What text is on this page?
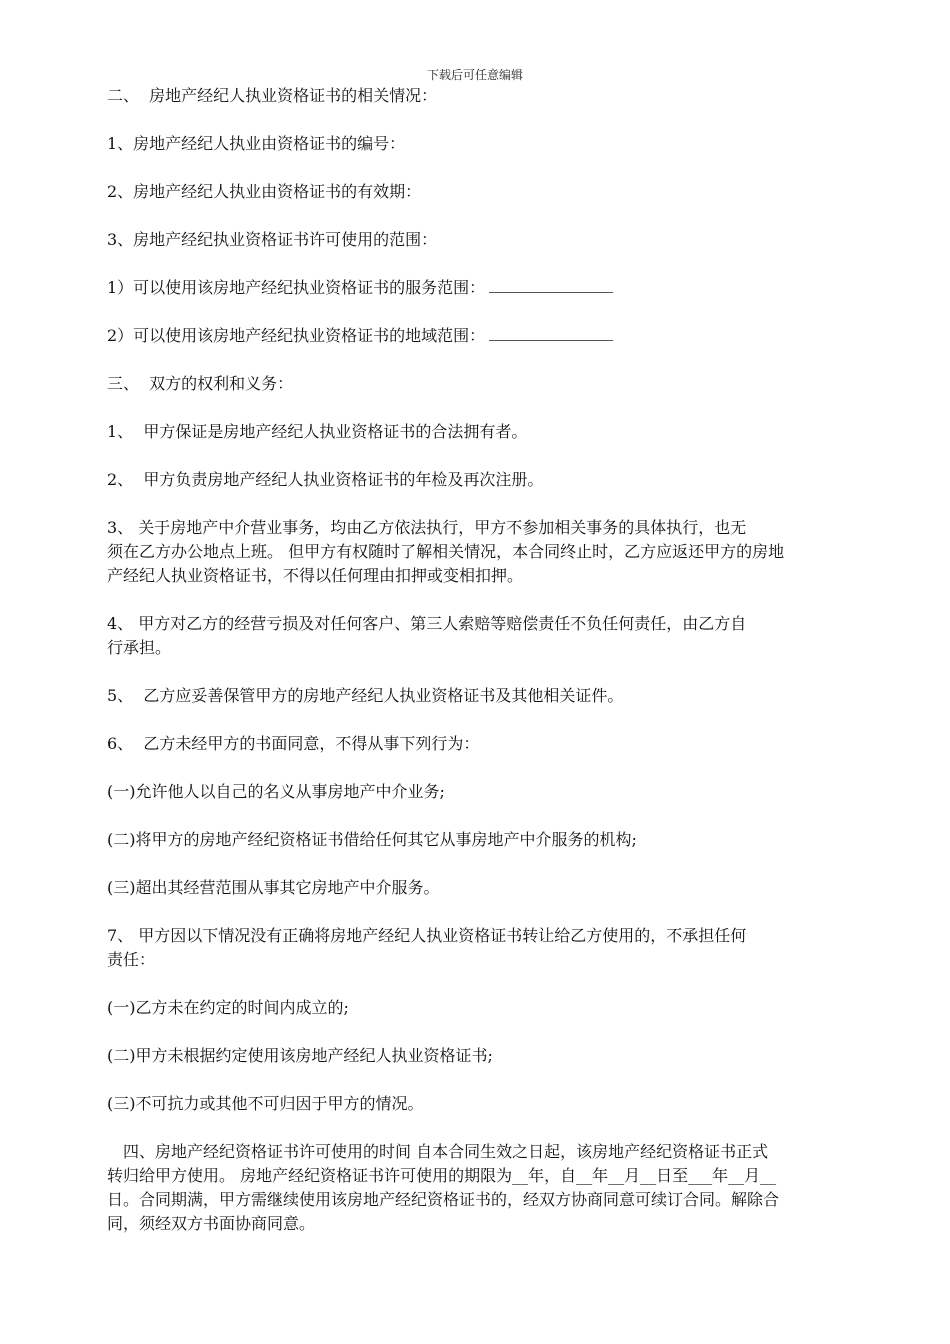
下载后可任意编辑
二、  房地产经纪人执业资格证书的相关情况：
1、房地产经纪人执业由资格证书的编号：
2、房地产经纪人执业由资格证书的有效期：
3、房地产经纪执业资格证书许可使用的范围：
1）可以使用该房地产经纪执业资格证书的服务范围：
2）可以使用该房地产经纪执业资格证书的地域范围：
三、  双方的权利和义务：
1、  甲方保证是房地产经纪人执业资格证书的合法拥有者。
2、  甲方负责房地产经纪人执业资格证书的年检及再次注册。
3、 关于房地产中介营业事务，均由乙方依法执行，甲方不参加相关事务的具体执行，也无
须在乙方办公地点上班。 但甲方有权随时了解相关情况，本合同终止时，乙方应返还甲方的房地
产经纪人执业资格证书，不得以任何理由扣押或变相扣押。
4、 甲方对乙方的经营亏损及对任何客户、第三人索赔等赔偿责任不负任何责任，由乙方自
行承担。
5、  乙方应妥善保管甲方的房地产经纪人执业资格证书及其他相关证件。
6、  乙方未经甲方的书面同意，不得从事下列行为：
(一)允许他人以自己的名义从事房地产中介业务;
(二)将甲方的房地产经纪资格证书借给任何其它从事房地产中介服务的机构;
(三)超出其经营范围从事其它房地产中介服务。
7、 甲方因以下情况没有正确将房地产经纪人执业资格证书转让给乙方使用的，不承担任何
责任：
(一)乙方未在约定的时间内成立的;
(二)甲方未根据约定使用该房地产经纪人执业资格证书;
(三)不可抗力或其他不可归因于甲方的情况。
四、房地产经纪资格证书许可使用的时间 自本合同生效之日起，该房地产经纪资格证书正式
转归给甲方使用。 房地产经纪资格证书许可使用的期限为__年，自__年__月__日至___年__月__
日。合同期满，甲方需继续使用该房地产经纪资格证书的，经双方协商同意可续订合同。解除合
同，须经双方书面协商同意。
